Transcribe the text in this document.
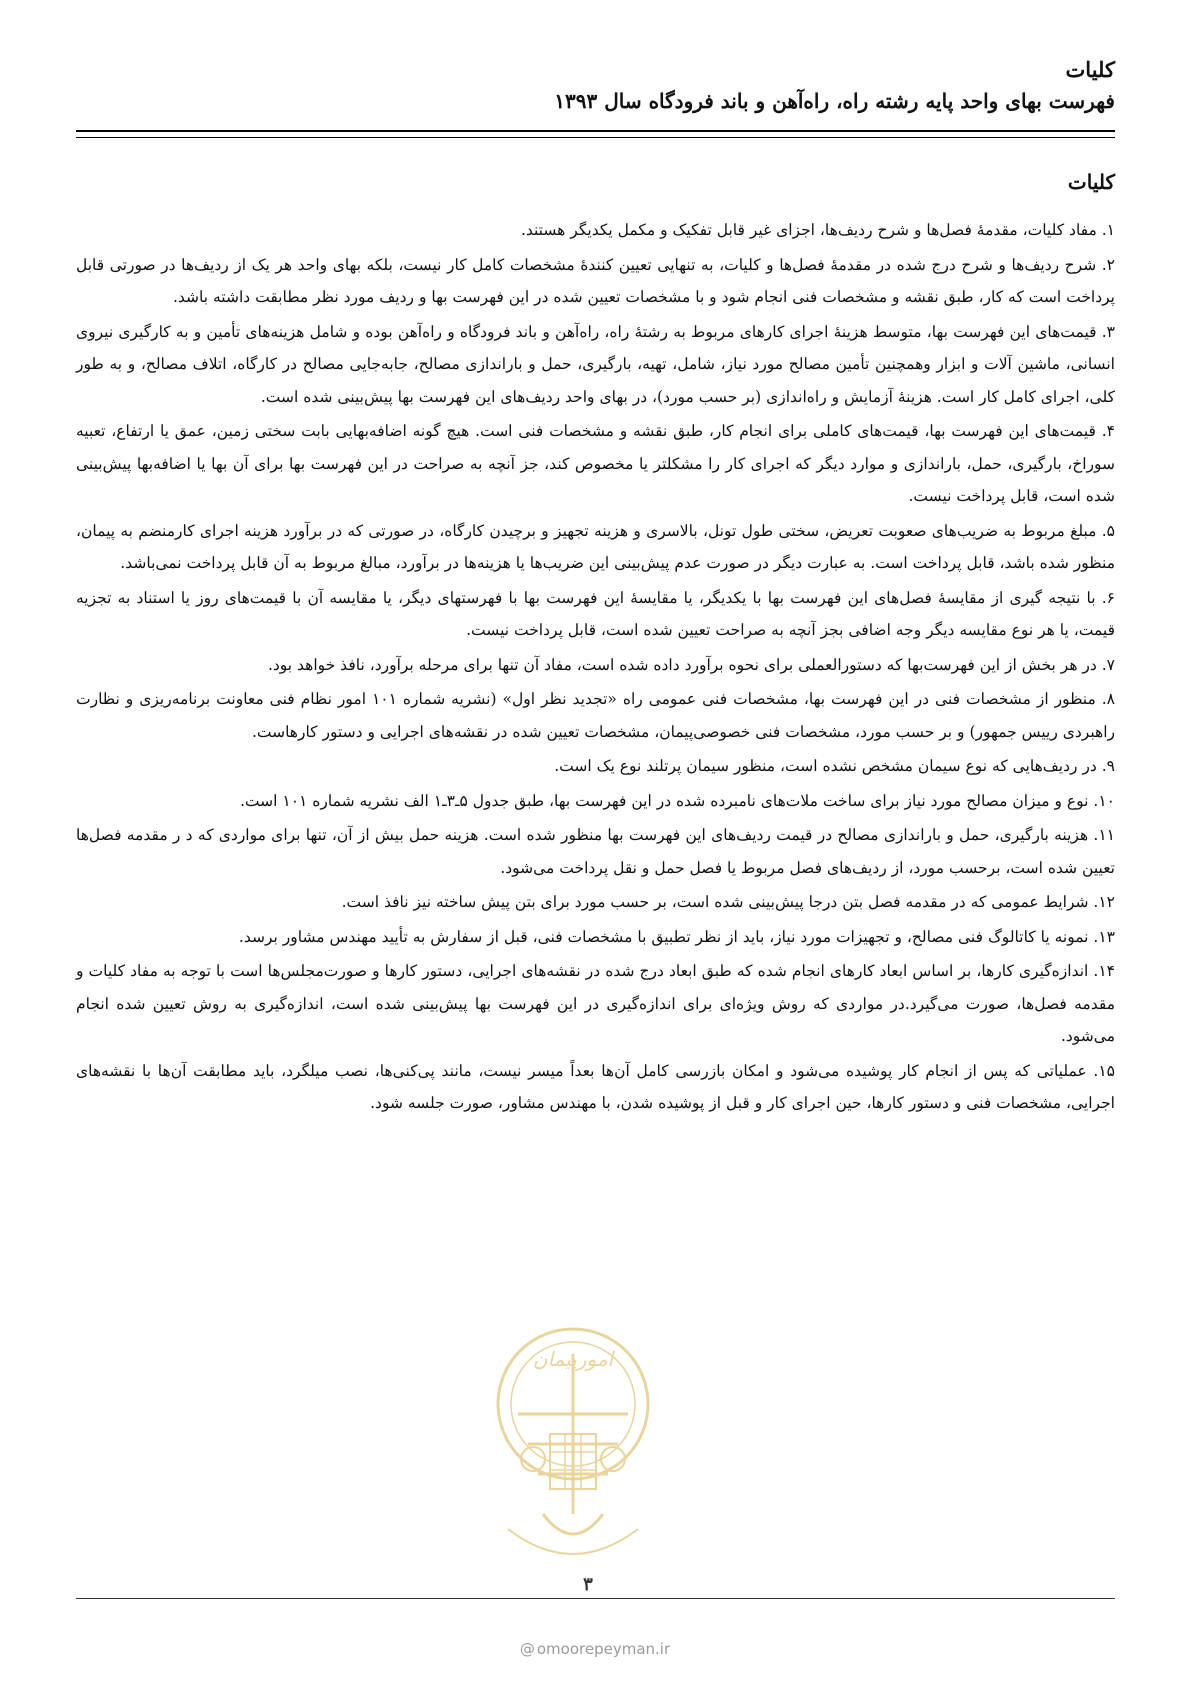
کلیات
فهرست بهای واحد پایه رشته راه، راه‌آهن و باند فرودگاه سال ۱۳۹۳
کلیات

۱. مفاد کلیات، مقدمهٔ فصل‌ها و شرح ردیف‌ها، اجزای غیر قابل تفکیک و مکمل یکدیگر هستند.

۲. شرح ردیف‌ها و شرح درج شده در مقدمهٔ فصل‌ها و کلیات، به تنهایی تعیین کنندهٔ مشخصات کامل کار نیست، بلکه بهای واحد هر یک از ردیف‌ها در صورتی قابل پرداخت است که کار، طبق نقشه و مشخصات فنی انجام شود و با مشخصات تعیین شده در این فهرست بها و ردیف مورد نظر مطابقت داشته باشد.

۳. قیمت‌های این فهرست بها، متوسط هزینهٔ اجرای کارهای مربوط به رشتهٔ راه، راه‌آهن و باند فرودگاه و راه‌آهن بوده و شامل هزینه‌های تأمین و به کارگیری نیروی انسانی، ماشین آلات و ابزار وهمچنین تأمین مصالح مورد نیاز، شامل، تهیه، بارگیری، حمل و باراندازی مصالح، جابه‌جایی مصالح در کارگاه، اتلاف مصالح، و به طور کلی، اجرای کامل کار است. هزینهٔ آزمایش و راه‌اندازی (بر حسب مورد)، در بهای واحد ردیف‌های این فهرست بها پیش‌بینی شده است.

۴. قیمت‌های این فهرست بها، قیمت‌های کاملی برای انجام کار، طبق نقشه و مشخصات فنی است. هیچ گونه اضافه‌بهایی بابت سختی زمین، عمق یا ارتفاع، تعبیه سوراخ، بارگیری، حمل، باراندازی و موارد دیگر که اجرای کار را مشکلتر یا مخصوص کند، جز آنچه به صراحت در این فهرست بها برای آن بها یا اضافه‌بها پیش‌بینی شده است، قابل پرداخت نیست.

۵. مبلغ مربوط به ضریب‌های صعوبت تعریض، سختی طول تونل، بالاسری و هزینه تجهیز و برچیدن کارگاه، در صورتی که در برآورد هزینه اجرای کارمنضم به پیمان، منظور شده باشد، قابل پرداخت است. به عبارت دیگر در صورت عدم پیش‌بینی این ضریب‌ها یا هزینه‌ها در برآورد، مبالغ مربوط به آن قابل پرداخت نمی‌باشد.

۶. با نتیجه گیری از مقایسهٔ فصل‌های این فهرست بها با یکدیگر، یا مقایسهٔ این فهرست بها با فهرستهای دیگر، یا مقایسه آن با قیمت‌های روز یا استناد به تجزیه قیمت، یا هر نوع مقایسه دیگر وجه اضافی بجز آنچه به صراحت تعیین شده است، قابل پرداخت نیست.

۷. در هر بخش از این فهرست‌بها که دستورالعملی برای نحوه برآورد داده شده است، مفاد آن تنها برای مرحله برآورد، نافذ خواهد بود.

۸. منظور از مشخصات فنی در این فهرست بها، مشخصات فنی عمومی راه «تجدید نظر اول» (نشریه شماره ۱۰۱ امور نظام فنی معاونت برنامه‌ریزی و نظارت راهبردی رییس جمهور) و بر حسب مورد، مشخصات فنی خصوصی‌پیمان، مشخصات تعیین شده در نقشه‌های اجرایی و دستور کارهاست.

۹. در ردیف‌هایی که نوع سیمان مشخص نشده است، منظور سیمان پرتلند نوع یک است.

۱۰. نوع و میزان مصالح مورد نیاز برای ساخت ملات‌های نامبرده شده در این فهرست بها، طبق جدول ۵ـ۳ـ۱ الف نشریه شماره ۱۰۱ است.

۱۱. هزینه بارگیری، حمل و باراندازی مصالح در قیمت ردیف‌های این فهرست بها منظور شده است. هزینه حمل بیش از آن، تنها برای مواردی که د ر مقدمه فصل‌ها تعیین شده است، برحسب مورد، از ردیف‌های فصل مربوط یا فصل حمل و نقل پرداخت می‌شود.

۱۲. شرایط عمومی که در مقدمه فصل بتن درجا پیش‌بینی شده است، بر حسب مورد برای بتن پیش ساخته نیز نافذ است.

۱۳. نمونه یا کاتالوگ فنی مصالح، و تجهیزات مورد نیاز، باید از نظر تطبیق با مشخصات فنی، قبل از سفارش به تأیید مهندس مشاور برسد.

۱۴. اندازه‌گیری کارها، بر اساس ابعاد کارهای انجام شده که طبق ابعاد درج شده در نقشه‌های اجرایی، دستور کارها و صورت‌مجلس‌ها است با توجه به مفاد کلیات و مقدمه فصل‌ها، صورت می‌گیرد.در مواردی که روش ویژه‌ای برای اندازه‌گیری در این فهرست بها پیش‌بینی شده است، اندازه‌گیری به روش تعیین شده انجام می‌شود.

۱۵. عملیاتی که پس از انجام کار پوشیده می‌شود و امکان بازرسی کامل آن‌ها بعداً میسر نیست، مانند پی‌کنی‌ها، نصب میلگرد، باید مطابقت آن‌ها با نقشه‌های اجرایی، مشخصات فنی و دستور کارها، حین اجرای کار و قبل از پوشیده شدن، با مهندس مشاور، صورت جلسه شود.

امورپیمان
۳
@ omoorepeyman.ir
